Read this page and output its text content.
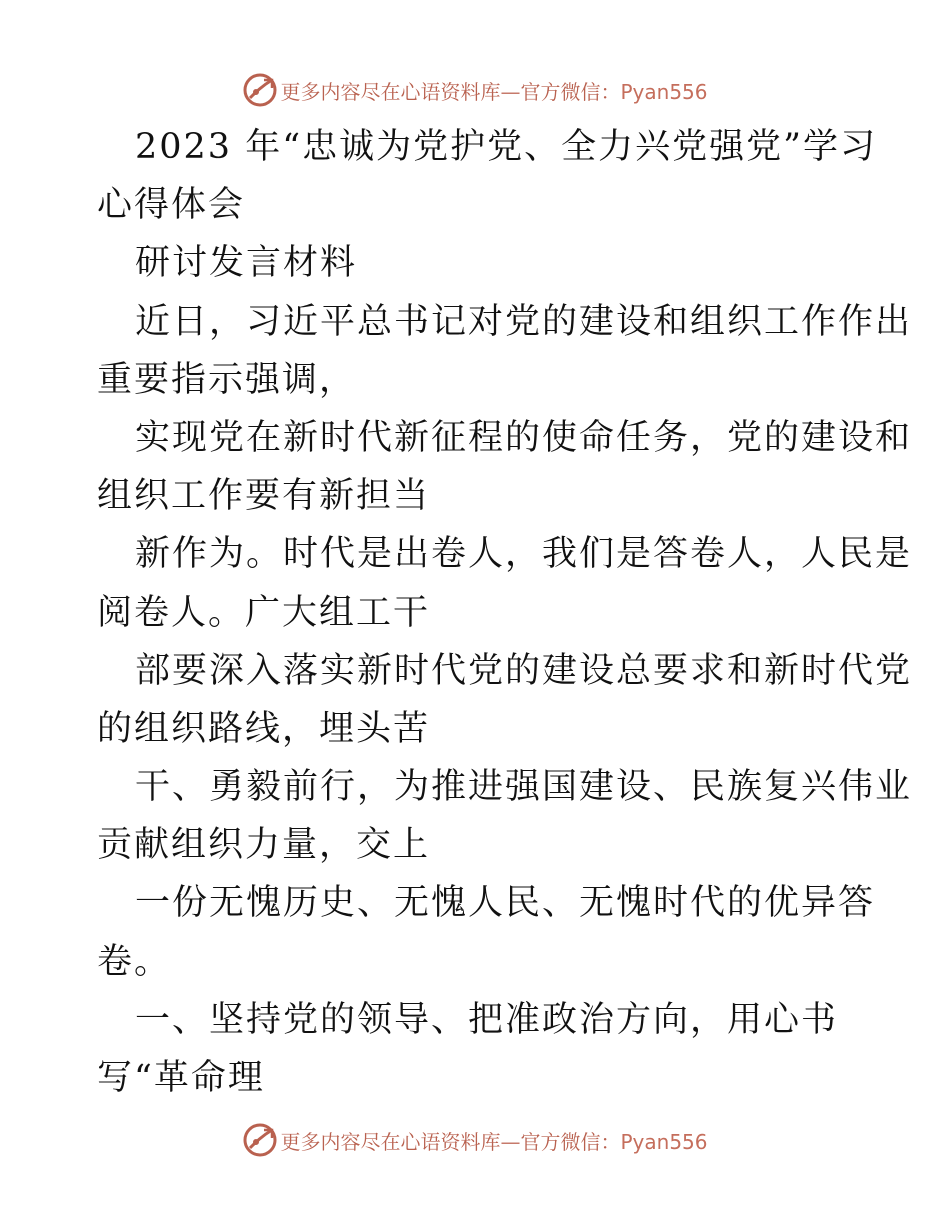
更多内容尽在心语资料库—官方微信：Pyan556
2023 年“忠诚为党护党、全力兴党强党”学习
心得体会
研讨发言材料
近日，习近平总书记对党的建设和组织工作作出
重要指示强调，
实现党在新时代新征程的使命任务，党的建设和
组织工作要有新担当
新作为。时代是出卷人，我们是答卷人，人民是
阅卷人。广大组工干
部要深入落实新时代党的建设总要求和新时代党
的组织路线，埋头苦
干、勇毅前行，为推进强国建设、民族复兴伟业
贡献组织力量，交上
一份无愧历史、无愧人民、无愧时代的优异答
卷。
一、坚持党的领导、把准政治方向，用心书
写“革命理
更多内容尽在心语资料库—官方微信：Pyan556
